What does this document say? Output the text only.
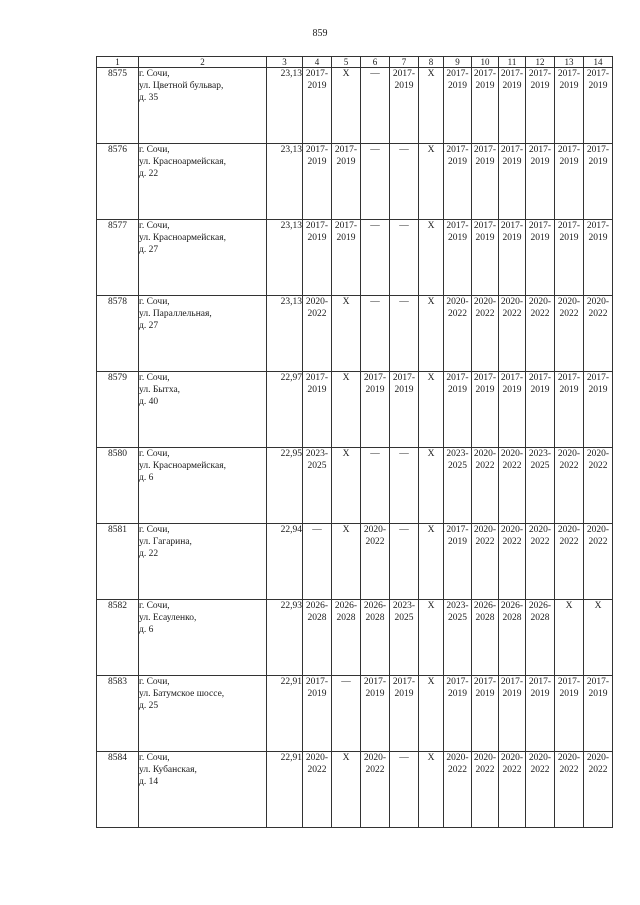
859
1	2	3	4	5	6	7	8	9	10	11	12	13	14
8575	г. Сочи,
ул. Цветной бульвар,
д. 35	23,13	2017-
2019	X	—	2017-
2019	X	2017-
2019	2017-
2019	2017-
2019	2017-
2019	2017-
2019	2017-
2019
8576	г. Сочи,
ул. Красноармейская,
д. 22	23,13	2017-
2019	2017-
2019	—	—	X	2017-
2019	2017-
2019	2017-
2019	2017-
2019	2017-
2019	2017-
2019
8577	г. Сочи,
ул. Красноармейская,
д. 27	23,13	2017-
2019	2017-
2019	—	—	X	2017-
2019	2017-
2019	2017-
2019	2017-
2019	2017-
2019	2017-
2019
8578	г. Сочи,
ул. Параллельная,
д. 27	23,13	2020-
2022	X	—	—	X	2020-
2022	2020-
2022	2020-
2022	2020-
2022	2020-
2022	2020-
2022
8579	г. Сочи,
ул. Бытха,
д. 40	22,97	2017-
2019	X	2017-
2019	2017-
2019	X	2017-
2019	2017-
2019	2017-
2019	2017-
2019	2017-
2019	2017-
2019
8580	г. Сочи,
ул. Красноармейская,
д. 6	22,95	2023-
2025	X	—	—	X	2023-
2025	2020-
2022	2020-
2022	2023-
2025	2020-
2022	2020-
2022
8581	г. Сочи,
ул. Гагарина,
д. 22	22,94	—	X	2020-
2022	—	X	2017-
2019	2020-
2022	2020-
2022	2020-
2022	2020-
2022	2020-
2022
8582	г. Сочи,
ул. Есауленко,
д. 6	22,93	2026-
2028	2026-
2028	2026-
2028	2023-
2025	X	2023-
2025	2026-
2028	2026-
2028	2026-
2028	X	X
8583	г. Сочи,
ул. Батумское шоссе,
д. 25	22,91	2017-
2019	—	2017-
2019	2017-
2019	X	2017-
2019	2017-
2019	2017-
2019	2017-
2019	2017-
2019	2017-
2019
8584	г. Сочи,
ул. Кубанская,
д. 14	22,91	2020-
2022	X	2020-
2022	—	X	2020-
2022	2020-
2022	2020-
2022	2020-
2022	2020-
2022	2020-
2022
